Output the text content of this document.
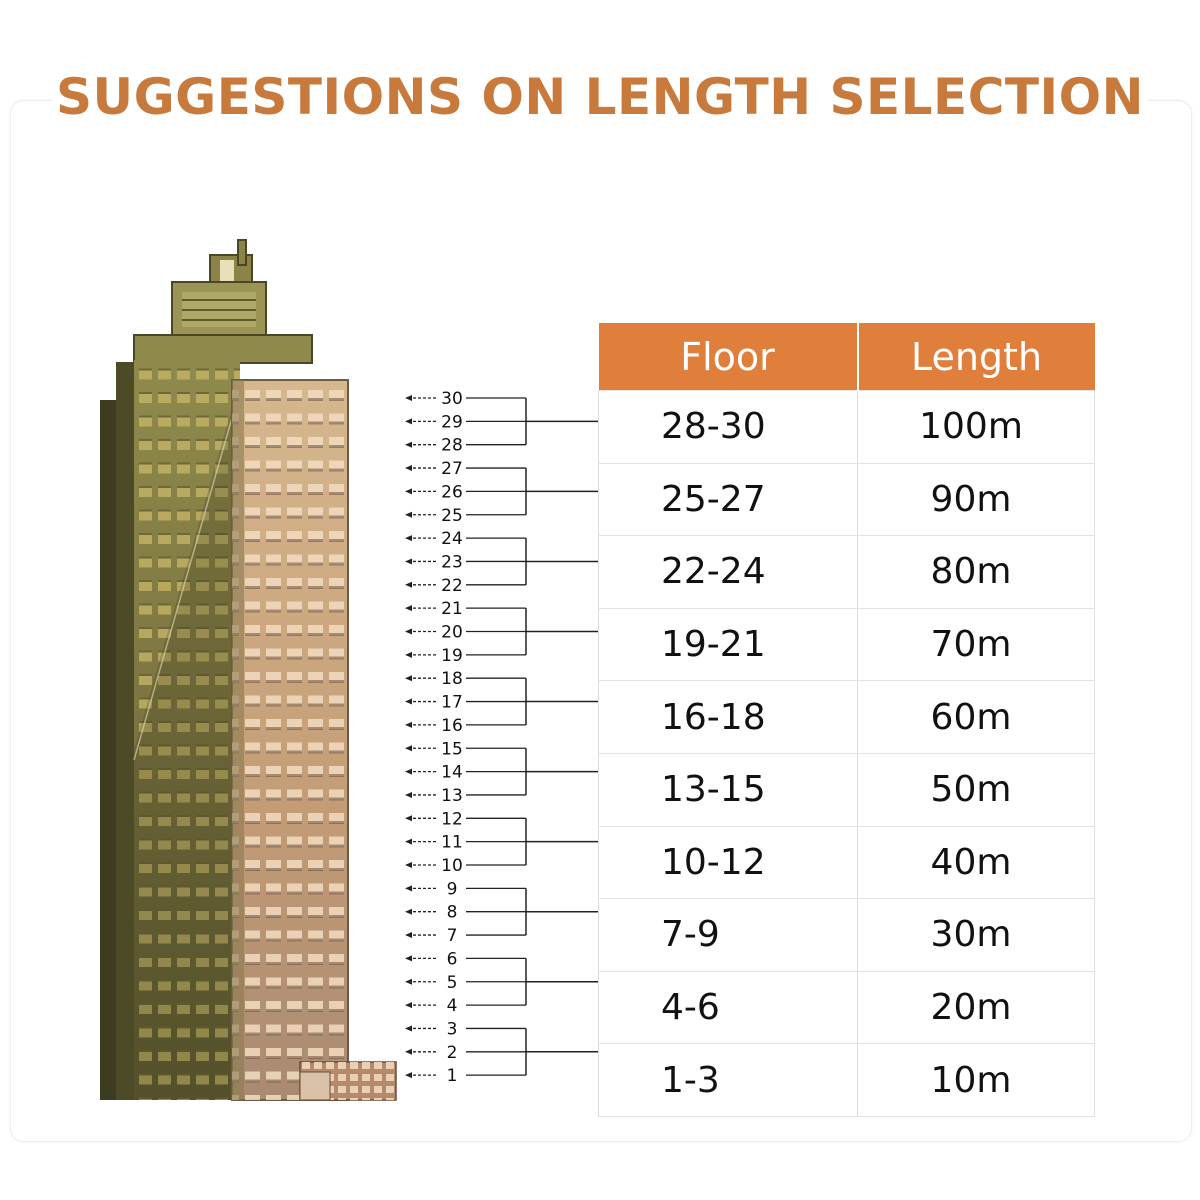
SUGGESTIONS ON LENGTH SELECTION
30
29
28
27
26
25
24
23
22
21
20
19
18
17
16
15
14
13
12
11
10
9
8
7
6
5
4
3
2
1
Floor	Length
28-30	100m
25-27	90m
22-24	80m
19-21	70m
16-18	60m
13-15	50m
10-12	40m
7-9	30m
4-6	20m
1-3	10m
